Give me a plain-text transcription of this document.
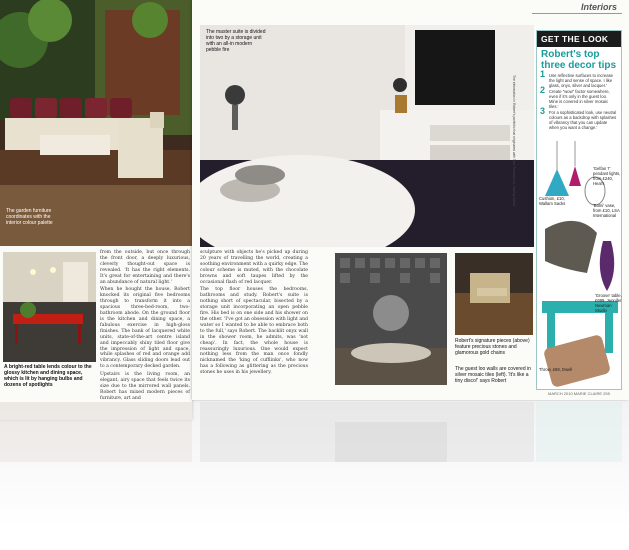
The garden furniture coordinates with the interior colour palette
A bright-red table lends colour to the glossy kitchen and dining space, which is lit by hanging bulbs and dozens of spotlights

from the outside, but once through the front door, a deeply luxurious, cleverly thought-out space is revealed. 'It has the right elements. It's great for entertaining and there's an abundance of natural light.'

When he bought the house, Robert knocked its original five bedrooms through to transform it into a spacious three-bed-room, two-bathroom abode. On the ground floor is the kitchen and dining space, a fabulous exercise in high-gloss finishes. The bank of lacquered white units, state-of-the-art centre island and impeccably shiny tiled floor give the impression of light and space, while splashes of red and orange add vibrancy. Glass sliding doors lead out to a contemporary decked garden.

Upstairs is the living room, an elegant, airy space that feels twice its size due to the mirrored wall panels. Robert has mixed modern pieces of furniture, art and

Interiors
The master suite is divided into two by a storage unit with an all-in modern pebble fire
The information in Robert's portfolio that originated with Tom Thomas Ltd, Hadley Wood

sculpture with objects he's picked up during 20 years of travelling the world, creating a soothing environment with a quirky edge. The colour scheme is muted, with the chocolate browns and soft taupes lifted by the occasional flash of red lacquer.

The top floor houses the bedrooms, bathrooms and study. Robert's suite is nothing short of spectacular, bisected by a storage unit incorporating an open pebble fire. His bed is on one side and his shower on the other. 'I've got an obsession with light and water so I wanted to be able to embrace both to the full,' says Robert. The backlit onyx wall in the shower room, he admits, was 'not cheap'. In fact, the whole house is reassuringly luxurious. One would expect nothing less from the man once fondly nicknamed the 'king of cufflinks', who now has a following as glittering as the precious stones he uses in his jewellery.

Robert's signature pieces (above) feature precious stones and glamorous gold chains
The guest loo walls are covered in silver mosaic tiles (left). 'It's like a tiny disco!' says Robert
GET THE LOOK
Robert's top three decor tips
1 Use reflective surfaces to increase the light and sense of space. I like glass, onyx, silver and lacquer.'
2 Create "wow" factor somewhere, even if it's only in the guest loo. Mine is covered in silver mosaic tiles.'
3 For a sophisticated look, use neutral colours as a backdrop with splashes of vibrancy that you can update when you want a change.'
'Gelfan 7' pendant lights, from £240, Heal's
Cushion, £10, Wallam Sacks	'Bomi' vase, from £10, LSA International
'Groove' table, £699, Jennifer Newman Studio
Throw, £59, Dwell
MARCH 2010 MARIE CLAIRE 255
